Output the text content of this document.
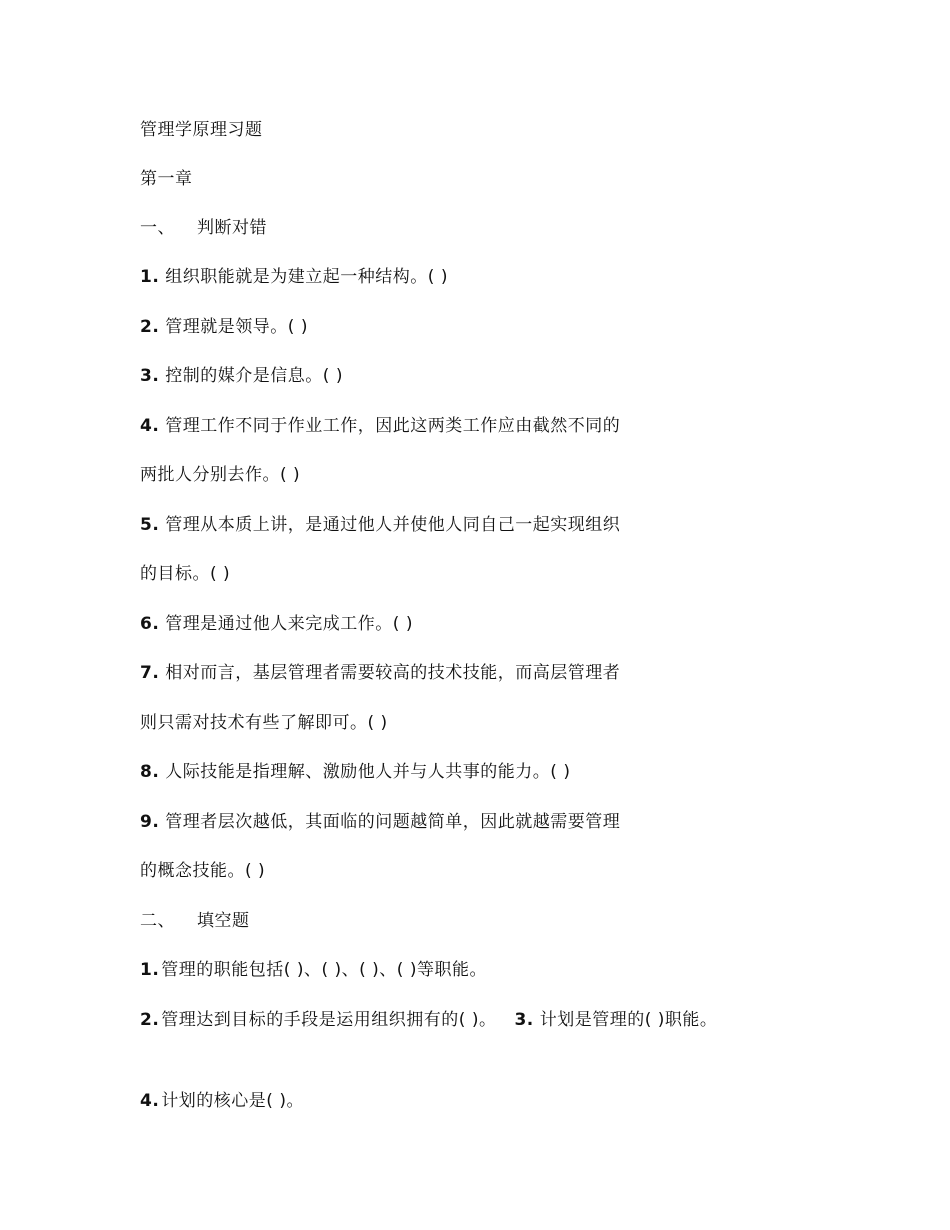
管理学原理习题
第一章
一、 判断对错
1. 组织职能就是为建立起一种结构。( )
2. 管理就是领导。( )
3. 控制的媒介是信息。( )
4. 管理工作不同于作业工作，因此这两类工作应由截然不同的
两批人分别去作。( )
5. 管理从本质上讲，是通过他人并使他人同自己一起实现组织
的目标。( )
6. 管理是通过他人来完成工作。( )
7. 相对而言，基层管理者需要较高的技术技能，而高层管理者
则只需对技术有些了解即可。( )
8. 人际技能是指理解、激励他人并与人共事的能力。( )
9. 管理者层次越低，其面临的问题越简单，因此就越需要管理
的概念技能。( )
二、 填空题
1. 管理的职能包括( )、( )、( )、( )等职能。
2. 管理达到目标的手段是运用组织拥有的( )。 3. 计划是管理的( )职能。
4. 计划的核心是( )。
